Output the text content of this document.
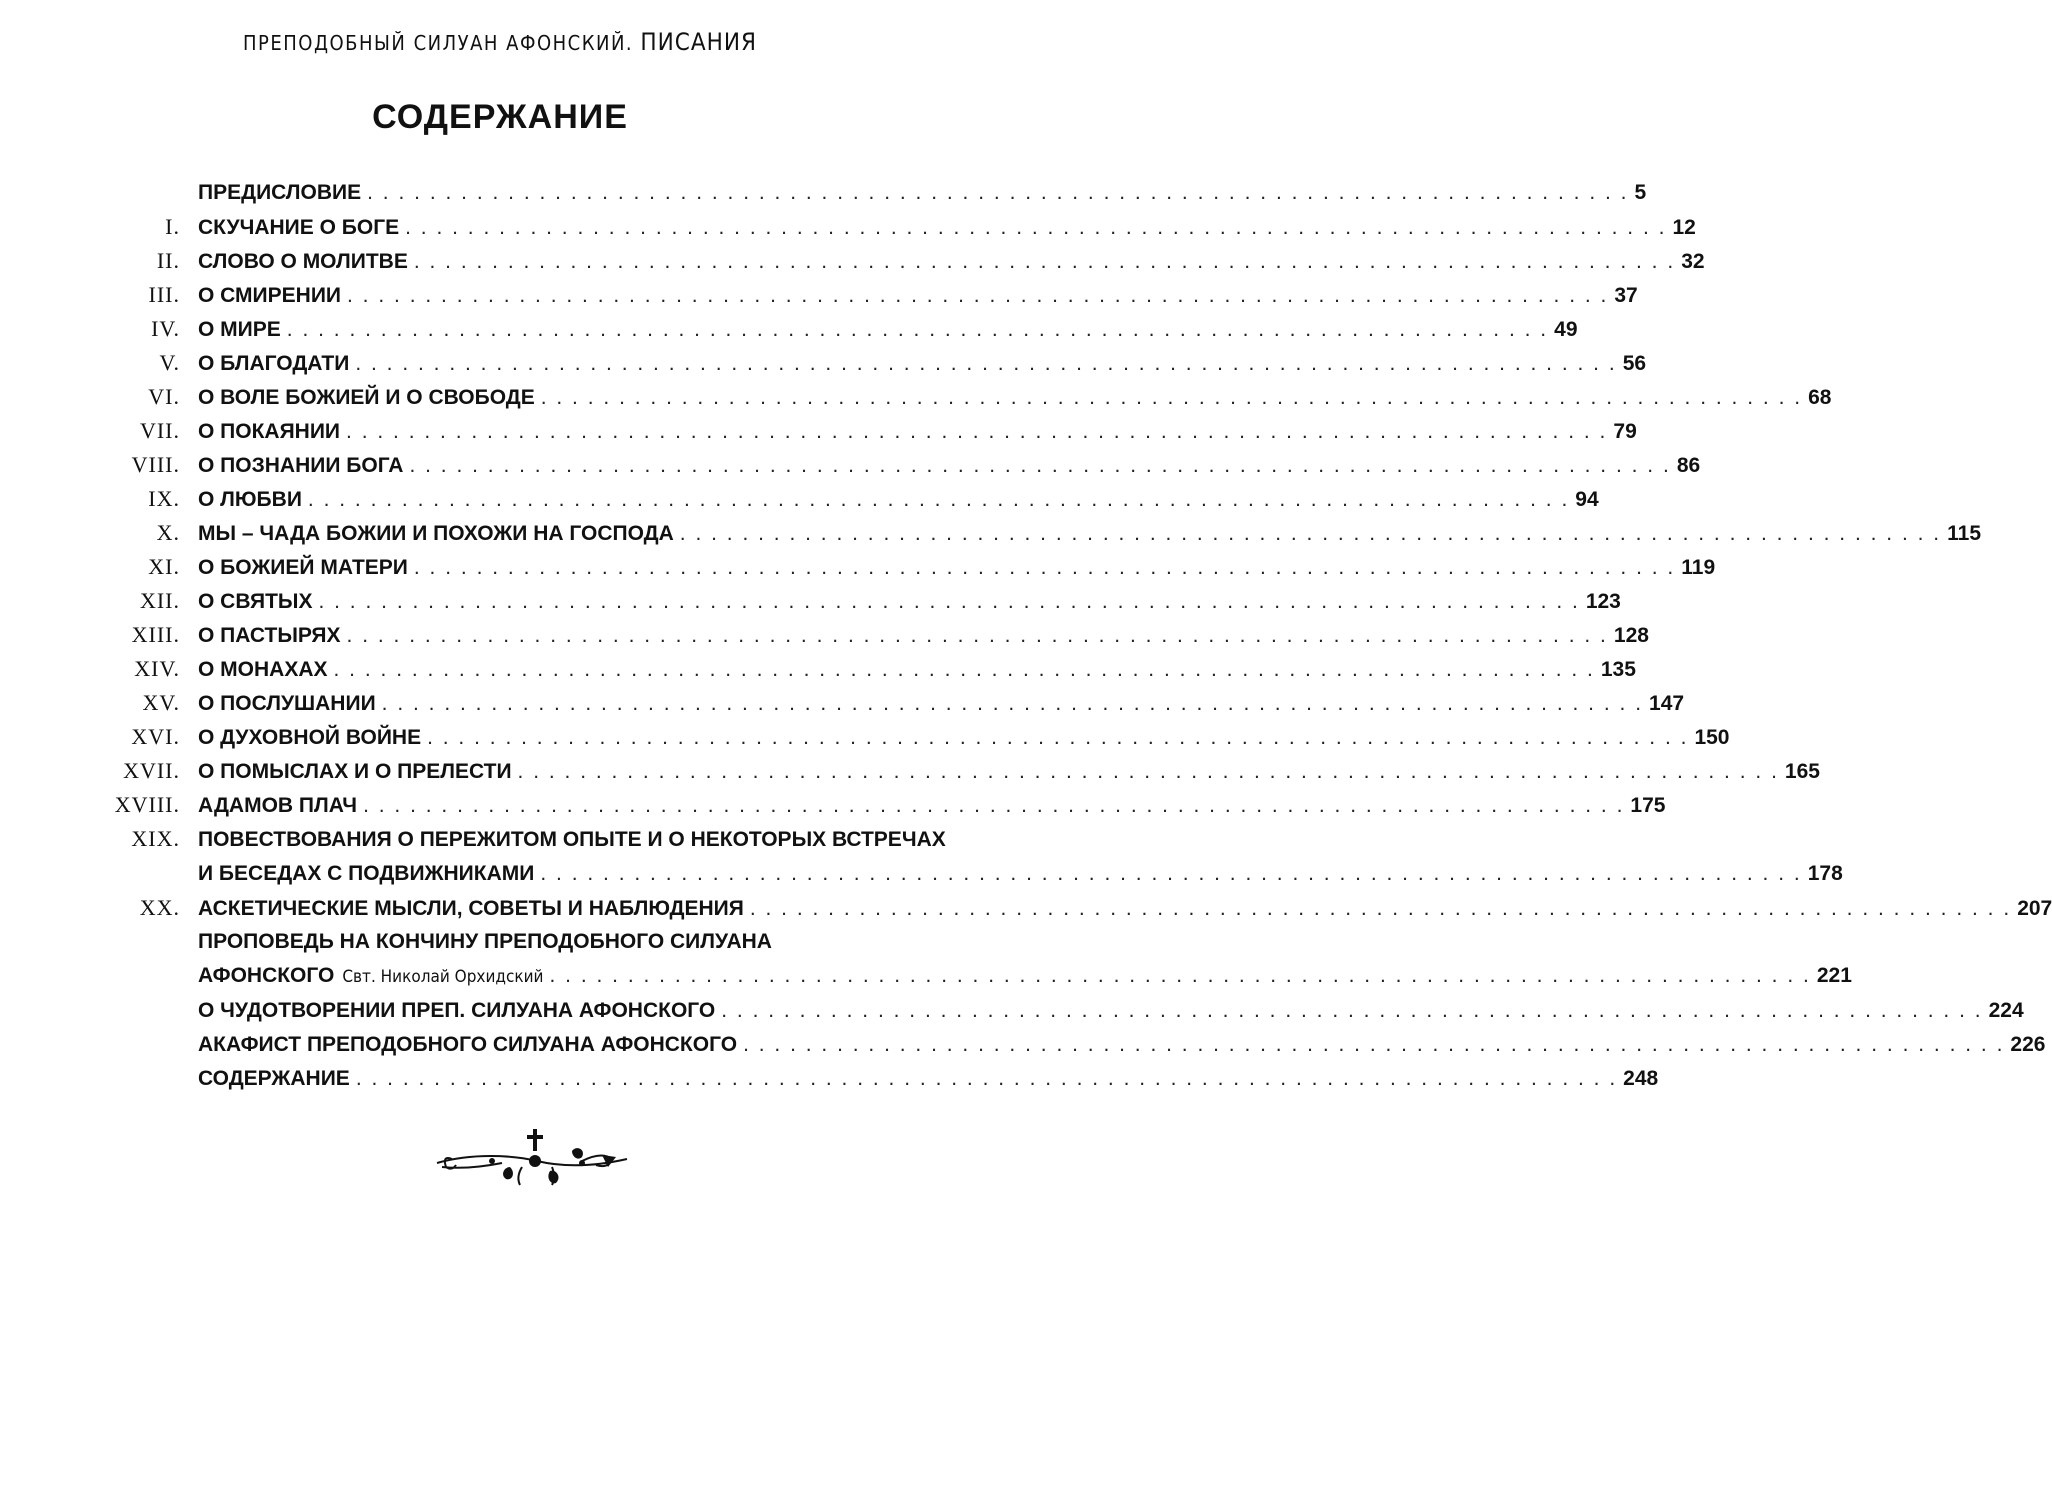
ПРЕПОДОБНЫЙ СИЛУАН АФОНСКИЙ. ПИСАНИЯ
СОДЕРЖАНИЕ
ПРЕДИСЛОВИЕ . . .	5
I. СКУЧАНИЕ О БОГЕ . . .	12
II. СЛОВО О МОЛИТВЕ . . .	32
III. О СМИРЕНИИ . . .	37
IV. О МИРЕ . . .	49
V. О БЛАГОДАТИ . . .	56
VI. О ВОЛЕ БОЖИЕЙ И О СВОБОДЕ . . .	68
VII. О ПОКАЯНИИ . . .	79
VIII. О ПОЗНАНИИ БОГА . . .	86
IX. О ЛЮБВИ . . .	94
X. МЫ – ЧАДА БОЖИИ И ПОХОЖИ НА ГОСПОДА . . .	115
XI. О БОЖИЕЙ МАТЕРИ . . .	119
XII. О СВЯТЫХ . . .	123
XIII. О ПАСТЫРЯХ . . .	128
XIV. О МОНАХАХ . . .	135
XV. О ПОСЛУШАНИИ . . .	147
XVI. О ДУХОВНОЙ ВОЙНЕ . . .	150
XVII. О ПОМЫСЛАХ И О ПРЕЛЕСТИ . . .	165
XVIII. АДАМОВ ПЛАЧ . . .	175
XIX. ПОВЕСТВОВАНИЯ О ПЕРЕЖИТОМ ОПЫТЕ И О НЕКОТОРЫХ ВСТРЕЧАХ
И БЕСЕДАХ С ПОДВИЖНИКАМИ . . .	178
XX. АСКЕТИЧЕСКИЕ МЫСЛИ, СОВЕТЫ И НАБЛЮДЕНИЯ . . .	207
ПРОПОВЕДЬ НА КОНЧИНУ ПРЕПОДОБНОГО СИЛУАНА
АФОНСКОГО Свт. Николай Орхидский . . .	221
О ЧУДОТВОРЕНИИ ПРЕП. СИЛУАНА АФОНСКОГО . . .	224
АКАФИСТ ПРЕПОДОБНОГО СИЛУАНА АФОНСКОГО . . .	226
СОДЕРЖАНИЕ . . .	248
